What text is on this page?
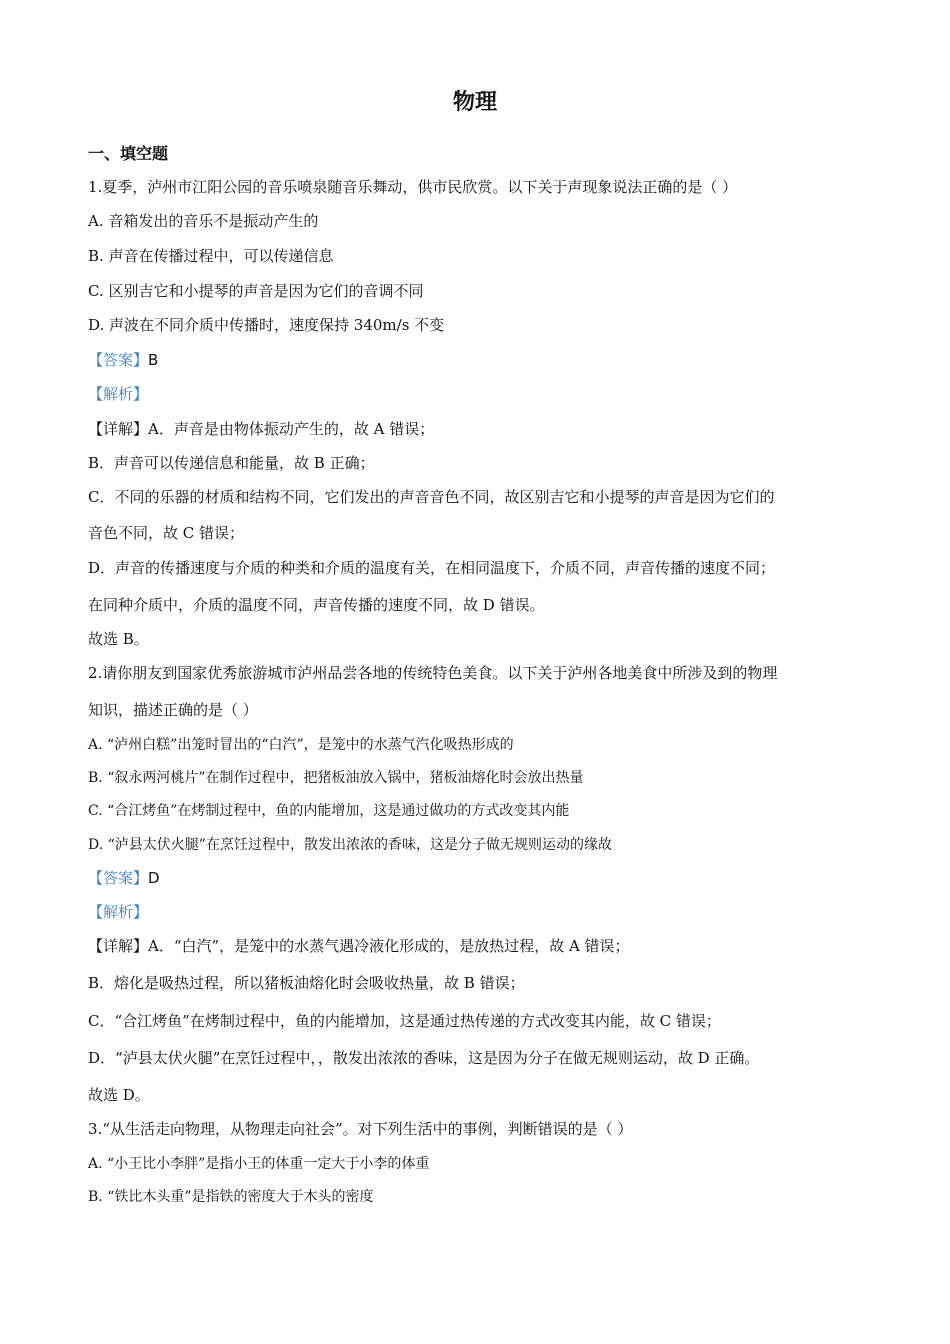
物理
一、填空题
1.夏季，泸州市江阳公园的音乐喷泉随音乐舞动，供市民欣赏。以下关于声现象说法正确的是（ ）
A. 音箱发出的音乐不是振动产生的
B. 声音在传播过程中，可以传递信息
C. 区别吉它和小提琴的声音是因为它们的音调不同
D. 声波在不同介质中传播时，速度保持 340m/s 不变
【答案】B
【解析】
【详解】A．声音是由物体振动产生的，故 A 错误；
B．声音可以传递信息和能量，故 B 正确；
C．不同的乐器的材质和结构不同，它们发出的声音音色不同，故区别吉它和小提琴的声音是因为它们的
音色不同，故 C 错误；
D．声音的传播速度与介质的种类和介质的温度有关，在相同温度下，介质不同，声音传播的速度不同；
在同种介质中，介质的温度不同，声音传播的速度不同，故 D 错误。
故选 B。
2.请你朋友到国家优秀旅游城市泸州品尝各地的传统特色美食。以下关于泸州各地美食中所涉及到的物理
知识，描述正确的是（ ）
A. “泸州白糕”出笼时冒出的“白汽”，是笼中的水蒸气汽化吸热形成的
B. “叙永两河桃片”在制作过程中，把猪板油放入锅中，猪板油熔化时会放出热量
C. “合江烤鱼”在烤制过程中，鱼的内能增加，这是通过做功的方式改变其内能
D. “泸县太伏火腿”在烹饪过程中，散发出浓浓的香味，这是分子做无规则运动的缘故
【答案】D
【解析】
【详解】A．“白汽”，是笼中的水蒸气遇冷液化形成的，是放热过程，故 A 错误；
B．熔化是吸热过程，所以猪板油熔化时会吸收热量，故 B 错误；
C．“合江烤鱼”在烤制过程中，鱼的内能增加，这是通过热传递的方式改变其内能，故 C 错误；
D．“泸县太伏火腿”在烹饪过程中，，散发出浓浓的香味，这是因为分子在做无规则运动，故 D 正确。
故选 D。
3.“从生活走向物理，从物理走向社会”。对下列生活中的事例，判断错误的是（ ）
A. “小王比小李胖”是指小王的体重一定大于小李的体重
B. “铁比木头重”是指铁的密度大于木头的密度
